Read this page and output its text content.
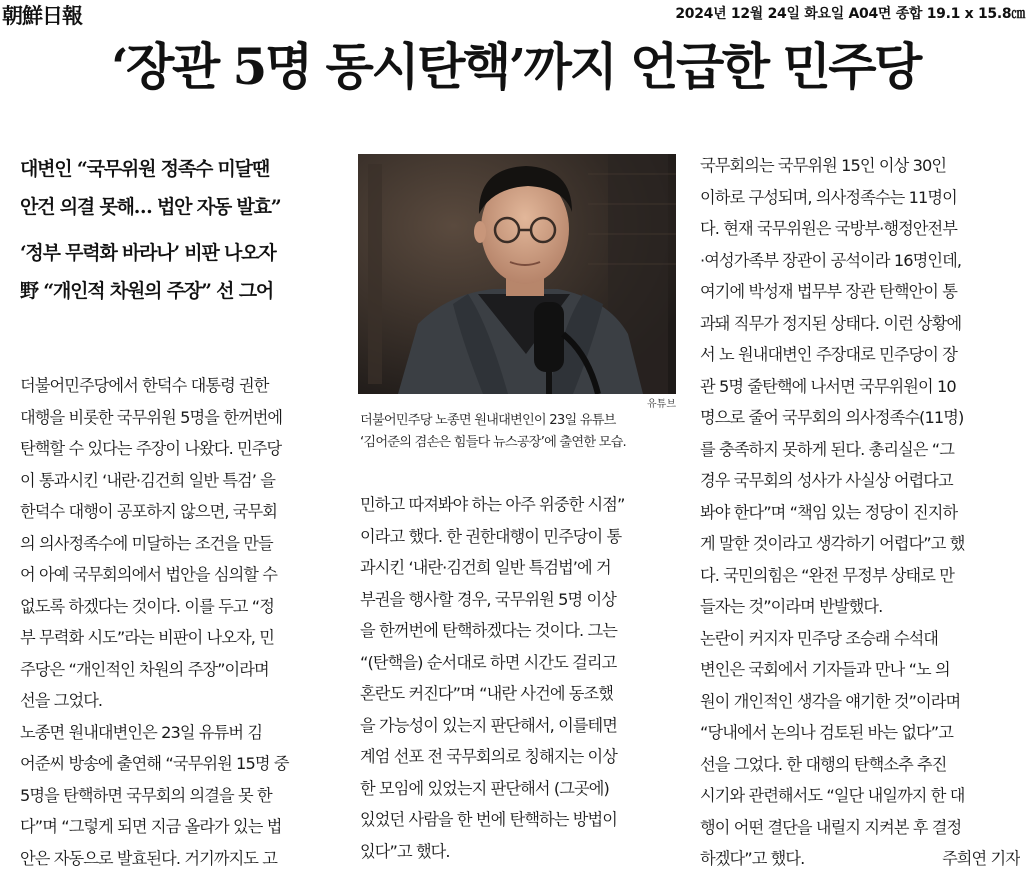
朝鮮日報	2024년 12월 24일 화요일 A04면 종합 19.1 x 15.8㎝
‘장관 5명 동시탄핵’까지 언급한 민주당
대변인 “국무위원 정족수 미달땐
안건 의결 못해… 법안 자동 발효”
‘정부 무력화 바라나’ 비판 나오자
野 “개인적 차원의 주장” 선 그어
유튜브
더불어민주당 노종면 원내대변인이 23일 유튜브
‘김어준의 겸손은 힘들다 뉴스공장’에 출연한 모습.
더불어민주당에서 한덕수 대통령 권한
대행을 비롯한 국무위원 5명을 한꺼번에
탄핵할 수 있다는 주장이 나왔다. 민주당
이 통과시킨 ‘내란·김건희 일반 특검’ 을
한덕수 대행이 공포하지 않으면, 국무회
의 의사정족수에 미달하는 조건을 만들
어 아예 국무회의에서 법안을 심의할 수
없도록 하겠다는 것이다. 이를 두고 “정
부 무력화 시도”라는 비판이 나오자, 민
주당은 “개인적인 차원의 주장”이라며
선을 그었다.
노종면 원내대변인은 23일 유튜버 김
어준씨 방송에 출연해 “국무위원 15명 중
5명을 탄핵하면 국무회의 의결을 못 한
다”며 “그렇게 되면 지금 올라가 있는 법
안은 자동으로 발효된다. 거기까지도 고
민하고 따져봐야 하는 아주 위중한 시점”
이라고 했다. 한 권한대행이 민주당이 통
과시킨 ‘내란·김건희 일반 특검법’에 거
부권을 행사할 경우, 국무위원 5명 이상
을 한꺼번에 탄핵하겠다는 것이다. 그는
“(탄핵을) 순서대로 하면 시간도 걸리고
혼란도 커진다”며 “내란 사건에 동조했
을 가능성이 있는지 판단해서, 이를테면
계엄 선포 전 국무회의로 칭해지는 이상
한 모임에 있었는지 판단해서 (그곳에)
있었던 사람을 한 번에 탄핵하는 방법이
있다”고 했다.
국무회의는 국무위원 15인 이상 30인
이하로 구성되며, 의사정족수는 11명이
다. 현재 국무위원은 국방부·행정안전부
·여성가족부 장관이 공석이라 16명인데,
여기에 박성재 법무부 장관 탄핵안이 통
과돼 직무가 정지된 상태다. 이런 상황에
서 노 원내대변인 주장대로 민주당이 장
관 5명 줄탄핵에 나서면 국무위원이 10
명으로 줄어 국무회의 의사정족수(11명)
를 충족하지 못하게 된다. 총리실은 “그
경우 국무회의 성사가 사실상 어렵다고
봐야 한다”며 “책임 있는 정당이 진지하
게 말한 것이라고 생각하기 어렵다”고 했
다. 국민의힘은 “완전 무정부 상태로 만
들자는 것”이라며 반발했다.
논란이 커지자 민주당 조승래 수석대
변인은 국회에서 기자들과 만나 “노 의
원이 개인적인 생각을 얘기한 것”이라며
“당내에서 논의나 검토된 바는 없다”고
선을 그었다. 한 대행의 탄핵소추 추진
시기와 관련해서도 “일단 내일까지 한 대
행이 어떤 결단을 내릴지 지켜본 후 결정
하겠다”고 했다.	주희연 기자
